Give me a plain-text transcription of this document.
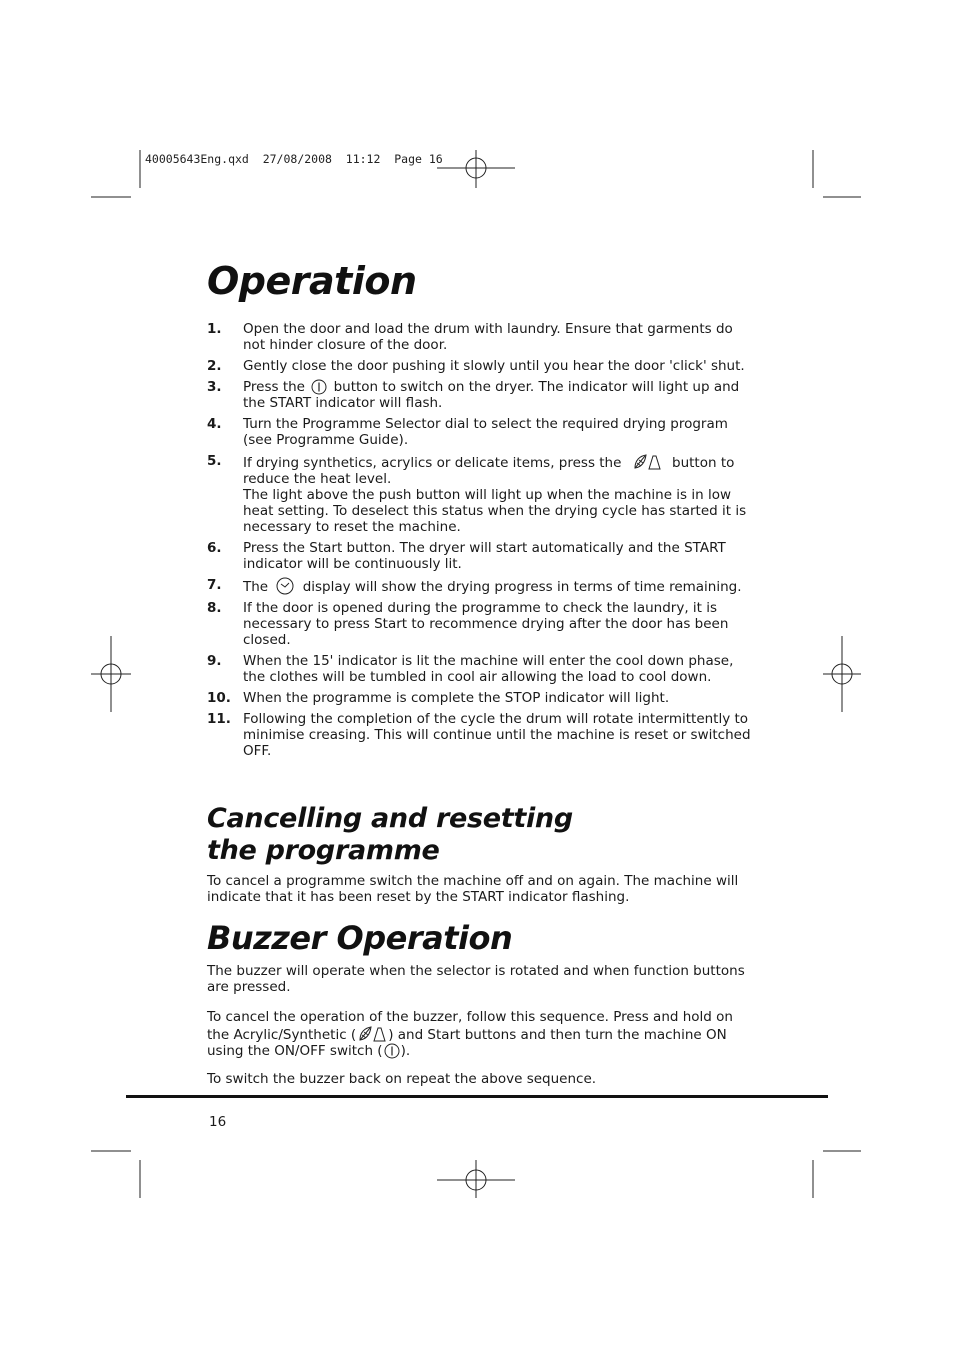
40005643Eng.qxd  27/08/2008  11:12  Page 16
Operation
1.	Open the door and load the drum with laundry. Ensure that garments do not hinder closure of the door.
2.	Gently close the door pushing it slowly until you hear the door 'click' shut.
3.	Press the button to switch on the dryer. The indicator will light up and the START indicator will flash.
4.	Turn the Programme Selector dial to select the required drying program (see Programme Guide).
5.	If drying synthetics, acrylics or delicate items, press the	button to reduce the heat level.
The light above the push button will light up when the machine is in low heat setting. To deselect this status when the drying cycle has started it is necessary to reset the machine.
6.	Press the Start button. The dryer will start automatically and the START indicator will be continuously lit.
7.	The	display will show the drying progress in terms of time remaining.
8.	If the door is opened during the programme to check the laundry, it is necessary to press Start to recommence drying after the door has been closed.
9.	When the 15' indicator is lit the machine will enter the cool down phase, the clothes will be tumbled in cool air allowing the load to cool down.
10. When the programme is complete the STOP indicator will light.
11. Following the completion of the cycle the drum will rotate intermittently to minimise creasing. This will continue until the machine is reset or switched OFF.
Cancelling and resetting the programme

To cancel a programme switch the machine off and on again. The machine will indicate that it has been reset by the START indicator flashing.

Buzzer Operation

The buzzer will operate when the selector is rotated and when function buttons are pressed.

To cancel the operation of the buzzer, follow this sequence. Press and hold on the Acrylic/Synthetic ( ) and Start buttons and then turn the machine ON using the ON/OFF switch ( ).

To switch the buzzer back on repeat the above sequence.

16
